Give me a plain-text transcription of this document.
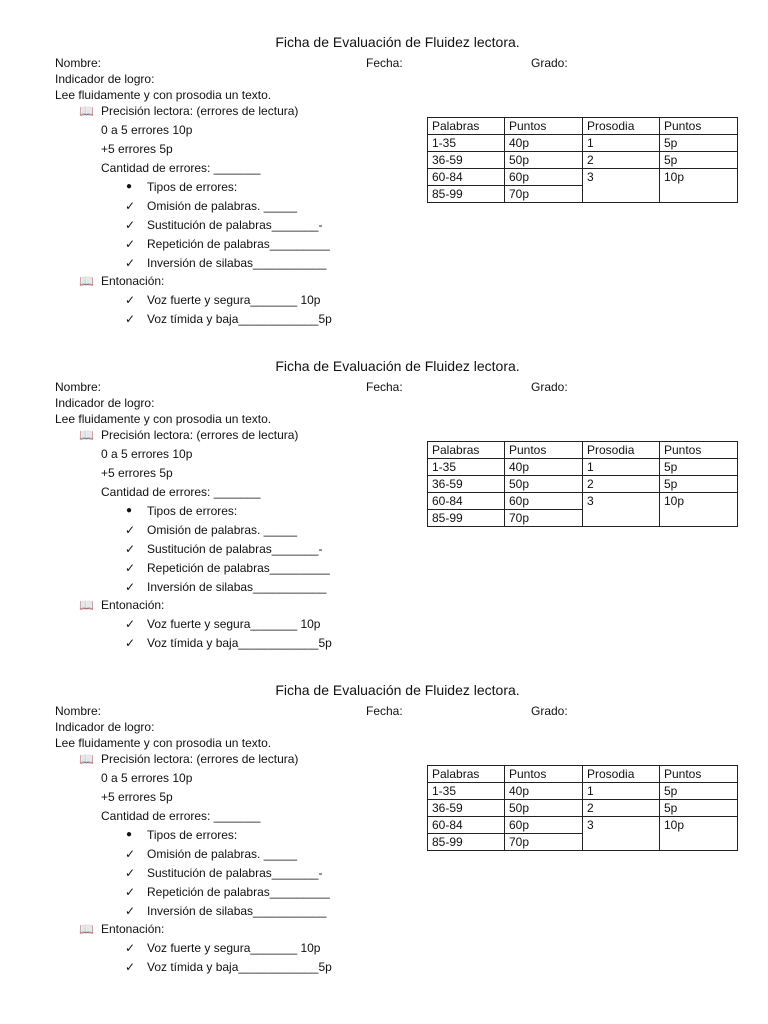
Ficha de Evaluación de Fluidez lectora.
Nombre:	Fecha:	Grado:
Indicador de logro:
Lee fluidamente y con prosodia un texto.
📖 Precisión lectora: (errores de lectura)
0 a 5 errores 10p
+5 errores 5p
Cantidad de errores: _______
● Tipos de errores:
✓ Omisión de palabras. _____
✓ Sustitución de palabras_______-
✓ Repetición de palabras_________
✓ Inversión de silabas___________
📖 Entonación:
✓ Voz fuerte y segura_______ 10p
✓ Voz tímida y baja____________5p
Palabras	Puntos	Prosodia	Puntos
1-35	40p	1	5p
36-59	50p	2	5p
60-84	60p	3	10p
85-99	70p		
Ficha de Evaluación de Fluidez lectora.
Nombre:	Fecha:	Grado:
Indicador de logro:
Lee fluidamente y con prosodia un texto.
📖 Precisión lectora: (errores de lectura)
0 a 5 errores 10p
+5 errores 5p
Cantidad de errores: _______
● Tipos de errores:
✓ Omisión de palabras. _____
✓ Sustitución de palabras_______-
✓ Repetición de palabras_________
✓ Inversión de silabas___________
📖 Entonación:
✓ Voz fuerte y segura_______ 10p
✓ Voz tímida y baja____________5p
Palabras	Puntos	Prosodia	Puntos
1-35	40p	1	5p
36-59	50p	2	5p
60-84	60p	3	10p
85-99	70p		
Ficha de Evaluación de Fluidez lectora.
Nombre:	Fecha:	Grado:
Indicador de logro:
Lee fluidamente y con prosodia un texto.
📖 Precisión lectora: (errores de lectura)
0 a 5 errores 10p
+5 errores 5p
Cantidad de errores: _______
● Tipos de errores:
✓ Omisión de palabras. _____
✓ Sustitución de palabras_______-
✓ Repetición de palabras_________
✓ Inversión de silabas___________
📖 Entonación:
✓ Voz fuerte y segura_______ 10p
✓ Voz tímida y baja____________5p
Palabras	Puntos	Prosodia	Puntos
1-35	40p	1	5p
36-59	50p	2	5p
60-84	60p	3	10p
85-99	70p		
